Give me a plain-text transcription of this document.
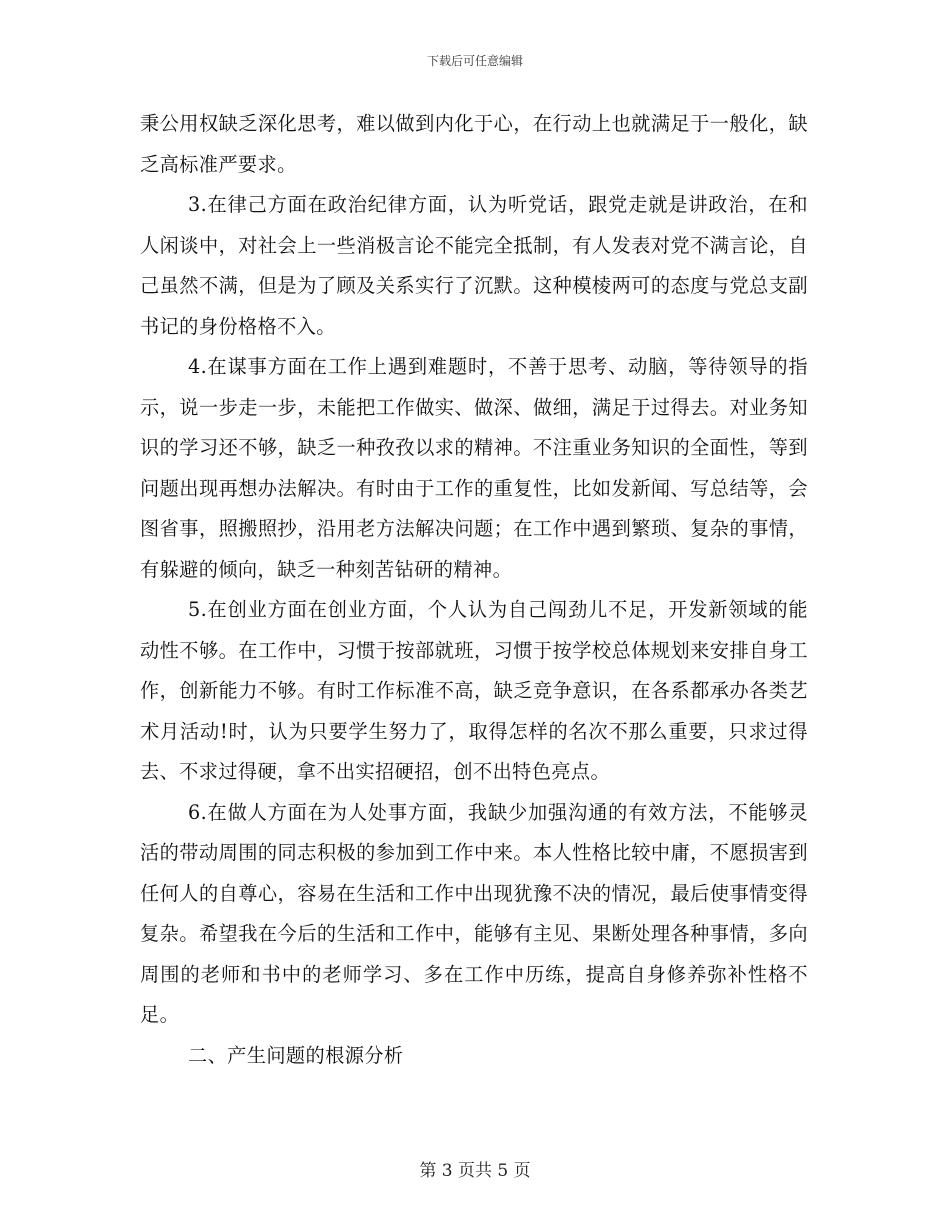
下载后可任意编辑

秉公用权缺乏深化思考，难以做到内化于心，在行动上也就满足于一般化，缺乏高标准严要求。

3.在律己方面在政治纪律方面，认为听党话，跟党走就是讲政治，在和人闲谈中，对社会上一些消极言论不能完全抵制，有人发表对党不满言论，自己虽然不满，但是为了顾及关系实行了沉默。这种模棱两可的态度与党总支副书记的身份格格不入。

4.在谋事方面在工作上遇到难题时，不善于思考、动脑，等待领导的指示，说一步走一步，未能把工作做实、做深、做细，满足于过得去。对业务知识的学习还不够，缺乏一种孜孜以求的精神。不注重业务知识的全面性，等到问题出现再想办法解决。有时由于工作的重复性，比如发新闻、写总结等，会图省事，照搬照抄，沿用老方法解决问题；在工作中遇到繁琐、复杂的事情，有躲避的倾向，缺乏一种刻苦钻研的精神。

5.在创业方面在创业方面，个人认为自己闯劲儿不足，开发新领域的能动性不够。在工作中，习惯于按部就班，习惯于按学校总体规划来安排自身工作，创新能力不够。有时工作标准不高，缺乏竞争意识，在各系都承办各类艺术月活动!时，认为只要学生努力了，取得怎样的名次不那么重要，只求过得去、不求过得硬，拿不出实招硬招，创不出特色亮点。

6.在做人方面在为人处事方面，我缺少加强沟通的有效方法，不能够灵活的带动周围的同志积极的参加到工作中来。本人性格比较中庸，不愿损害到任何人的自尊心，容易在生活和工作中出现犹豫不决的情况，最后使事情变得复杂。希望我在今后的生活和工作中，能够有主见、果断处理各种事情，多向周围的老师和书中的老师学习、多在工作中历练，提高自身修养弥补性格不足。

二、产生问题的根源分析

第 3 页共 5 页
